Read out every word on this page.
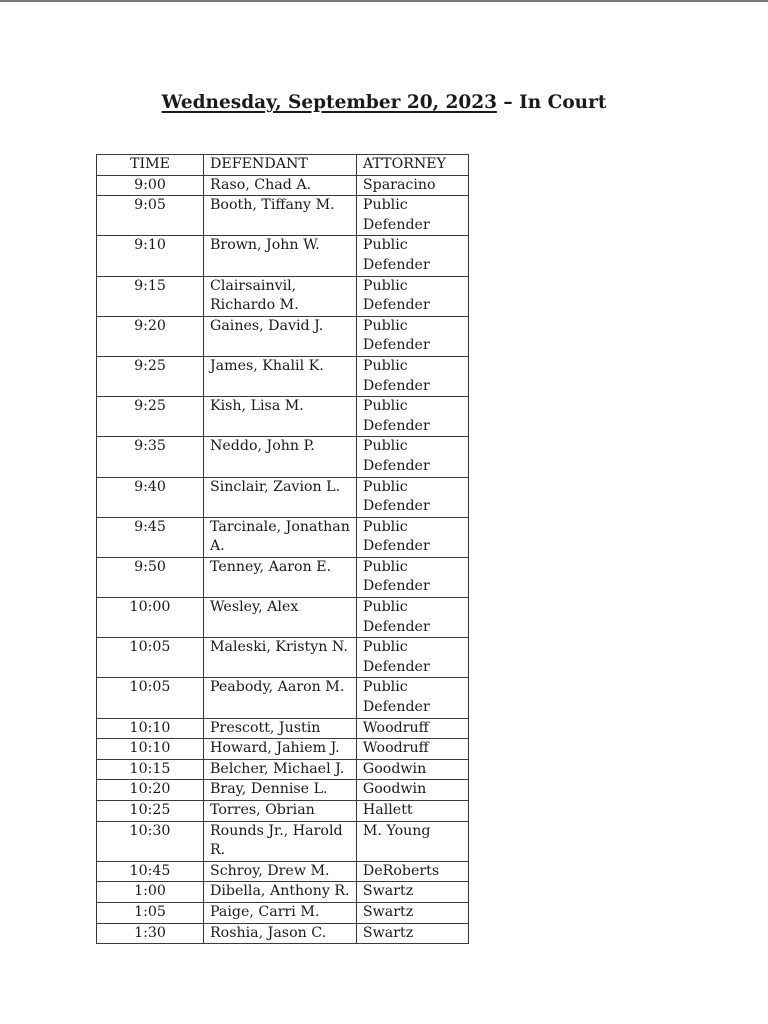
Wednesday, September 20, 2023 – In Court
TIME	DEFENDANT	ATTORNEY
9:00	Raso, Chad A.	Sparacino

9:05	Booth, Tiffany M.	Public
Defender

9:10	Brown, John W.	Public
Defender

9:15	Clairsainvil,
Richardo M.	Public
Defender

9:20	Gaines, David J.	Public
Defender

9:25	James, Khalil K.	Public
Defender

9:25	Kish, Lisa M.	Public
Defender

9:35	Neddo, John P.	Public
Defender

9:40	Sinclair, Zavion L.	Public
Defender

9:45	Tarcinale, Jonathan
A.	Public
Defender

9:50	Tenney, Aaron E.	Public
Defender

10:00	Wesley, Alex	Public
Defender

10:05	Maleski, Kristyn N.	Public
Defender

10:05	Peabody, Aaron M.	Public
Defender

10:10	Prescott, Justin	Woodruff

10:10	Howard, Jahiem J.	Woodruff

10:15	Belcher, Michael J.	Goodwin

10:20	Bray, Dennise L.	Goodwin

10:25	Torres, Obrian	Hallett

10:30	Rounds Jr., Harold
R.	M. Young

10:45	Schroy, Drew M.	DeRoberts

1:00	Dibella, Anthony R.	Swartz

1:05	Paige, Carri M.	Swartz

1:30	Roshia, Jason C.	Swartz
